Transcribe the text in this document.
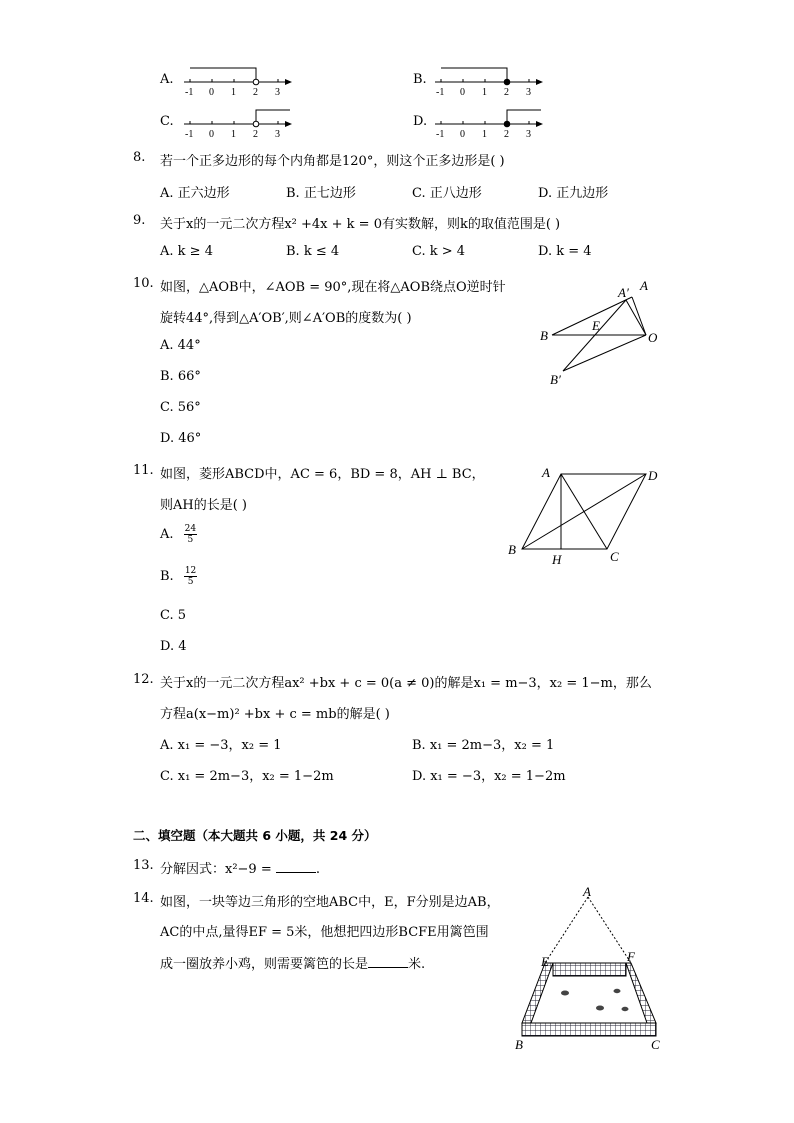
A.
-1 0 1 2 3
B.
-1 0 1 2 3
C.
-1 0 1 2 3
D.
-1 0 1 2 3
8. 若一个正多边形的每个内角都是120°，则这个正多边形是( )
A. 正六边形	B. 正七边形	C. 正八边形	D. 正九边形
9. 关于x的一元二次方程x² +4x + k = 0有实数解，则k的取值范围是( )
A. k ≥ 4	B. k ≤ 4	C. k > 4	D. k = 4
10. 如图，△AOB中，∠AOB = 90°,现在将△AOB绕点O逆时针
旋转44°,得到△A′OB′,则∠A′OB的度数为( )
A. 44°
B. 66°
C. 56°
D. 46°
A′ A
E
B	O
B′
11. 如图，菱形ABCD中，AC = 6，BD = 8，AH ⊥ BC，
则AH的长是( )
A. $\frac{24}{5}$
B. $\frac{12}{5}$
C. 5
D. 4
A	D
B
H	C
12. 关于x的一元二次方程ax² +bx + c = 0(a ≠ 0)的解是x₁ = m−3，x₂ = 1−m，那么
方程a(x−m)² +bx + c = mb的解是( )
A. x₁ = −3，x₂ = 1	B. x₁ = 2m−3，x₂ = 1
C. x₁ = 2m−3，x₂ = 1−2m	D. x₁ = −3，x₂ = 1−2m
二、填空题（本大题共 6 小题，共 24 分）
13. 分解因式：x²−9 =	.
14. 如图，一块等边三角形的空地ABC中，E，F分别是边AB，
AC的中点,量得EF = 5米，他想把四边形BCFE用篱笆围
成一圈放养小鸡，则需要篱笆的长是	米.
A
E	F
B	C
